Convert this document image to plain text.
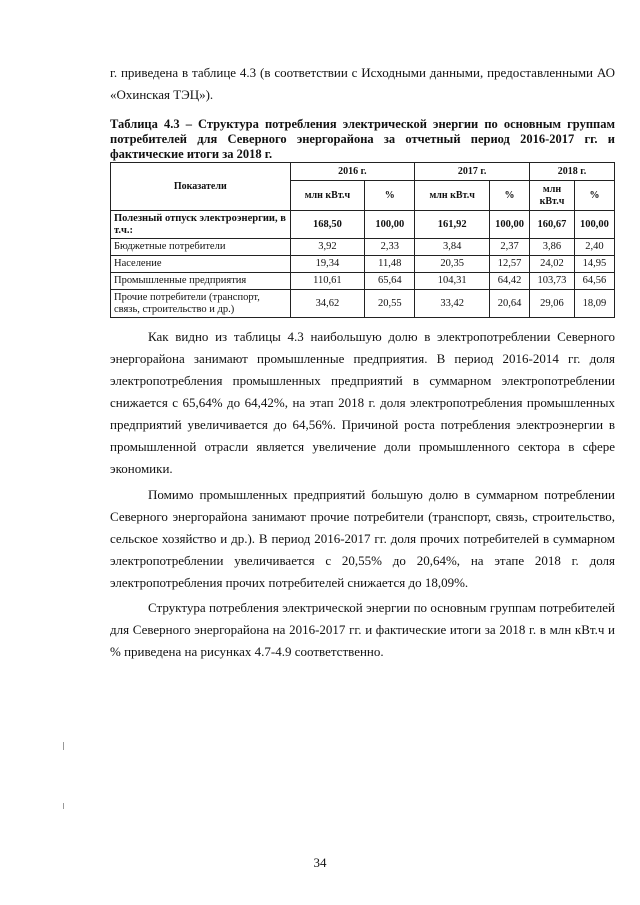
г. приведена в таблице 4.3 (в соответствии с Исходными данными, предоставленными АО
«Охинская ТЭЦ»).
Таблица 4.3 – Структура потребления электрической энергии по основным группам
потребителей для Северного энергорайона за отчетный период 2016-2017 гг. и
фактические итоги за 2018 г.
Показатели	2016 г.		2017 г.		2018 г.	
	млн кВт.ч	%	млн кВт.ч	%	млн кВт.ч	%
Полезный отпуск электроэнергии, в т.ч.:	168,50	100,00	161,92	100,00	160,67	100,00
Бюджетные потребители	3,92	2,33	3,84	2,37	3,86	2,40
Население	19,34	11,48	20,35	12,57	24,02	14,95
Промышленные предприятия	110,61	65,64	104,31	64,42	103,73	64,56
Прочие потребители (транспорт, связь, строительство и др.)	34,62	20,55	33,42	20,64	29,06	18,09
Как видно из таблицы 4.3 наибольшую долю в электропотреблении Северного
энергорайона занимают промышленные предприятия. В период 2016-2014 гг. доля
электропотребления промышленных предприятий в суммарном электропотреблении
снижается с 65,64% до 64,42%, на этап 2018 г. доля электропотребления промышленных
предприятий увеличивается до 64,56%. Причиной роста потребления электроэнергии в
промышленной отрасли является увеличение доли промышленного сектора в сфере
экономики.
Помимо промышленных предприятий большую долю в суммарном потреблении
Северного энергорайона занимают прочие потребители (транспорт, связь, строительство,
сельское хозяйство и др.). В период 2016-2017 гг. доля прочих потребителей в суммарном
электропотреблении увеличивается с 20,55% до 20,64%, на этапе 2018 г. доля
электропотребления прочих потребителей снижается до 18,09%.
Структура потребления электрической энергии по основным группам потребителей
для Северного энергорайона на 2016-2017 гг. и фактические итоги за 2018 г. в млн кВт.ч и
% приведена на рисунках 4.7-4.9 соответственно.
34
